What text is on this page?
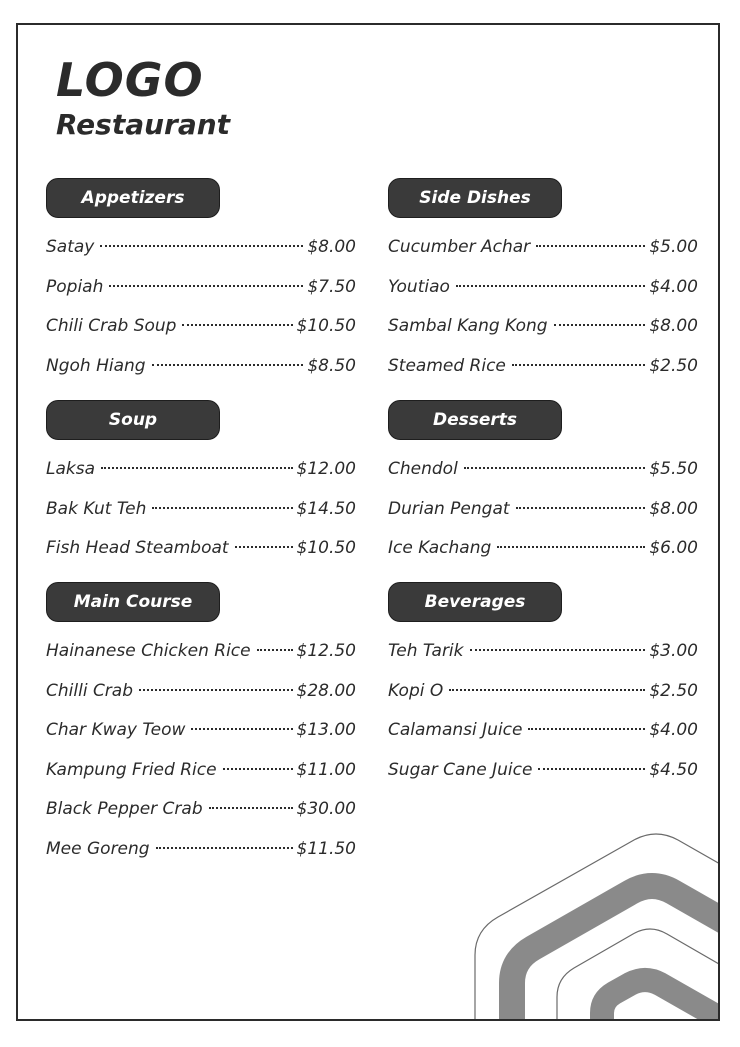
LOGO
Restaurant
Appetizers
Satay	$8.00
Popiah	$7.50
Chili Crab Soup	$10.50
Ngoh Hiang	$8.50
Soup
Laksa	$12.00
Bak Kut Teh	$14.50
Fish Head Steamboat	$10.50
Main Course
Hainanese Chicken Rice	$12.50
Chilli Crab	$28.00
Char Kway Teow	$13.00
Kampung Fried Rice	$11.00
Black Pepper Crab	$30.00
Mee Goreng	$11.50
Side Dishes
Cucumber Achar	$5.00
Youtiao	$4.00
Sambal Kang Kong	$8.00
Steamed Rice	$2.50
Desserts
Chendol	$5.50
Durian Pengat	$8.00
Ice Kachang	$6.00
Beverages
Teh Tarik	$3.00
Kopi O	$2.50
Calamansi Juice	$4.00
Sugar Cane Juice	$4.50
